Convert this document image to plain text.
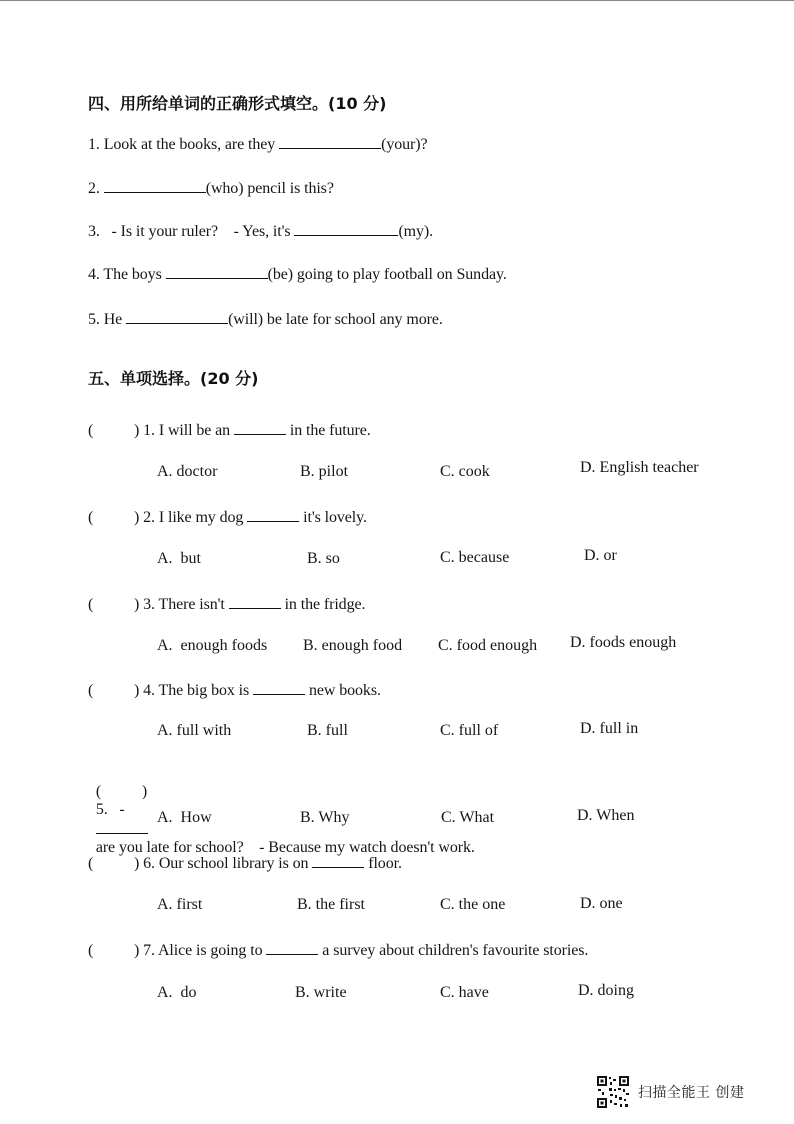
四、用所给单词的正确形式填空。(10 分)
1. Look at the books, are they	(your)?
2.	(who) pencil is this?
3.   - Is it your ruler?    - Yes, it's	(my).
4. The boys	(be) going to play football on Sunday.
5. He	(will) be late for school any more.
五、单项选择。(20 分)
(	) 1. I will be an	in the future.
A. doctor	B. pilot	C. cook	D. English teacher
(	) 2. I like my dog	it's lovely.
A.  but	B. so	C. because	D. or
(	) 3. There isn't	in the fridge.
A.  enough foods B. enough food C. food enough D. foods enough
(	) 4. The big box is	new books.
A. full with	B. full	C. full of	D. full in

(	)
5.   -

are you late for school?    - Because my watch doesn't work.

A.  How	B. Why	C. What	D. When
(	) 6. Our school library is on	floor.
A. first	B. the first	C. the one	D. one
(	) 7. Alice is going to	a survey about children's favourite stories.
A.  do	B. write	C. have	D. doing
扫描全能王 创建
